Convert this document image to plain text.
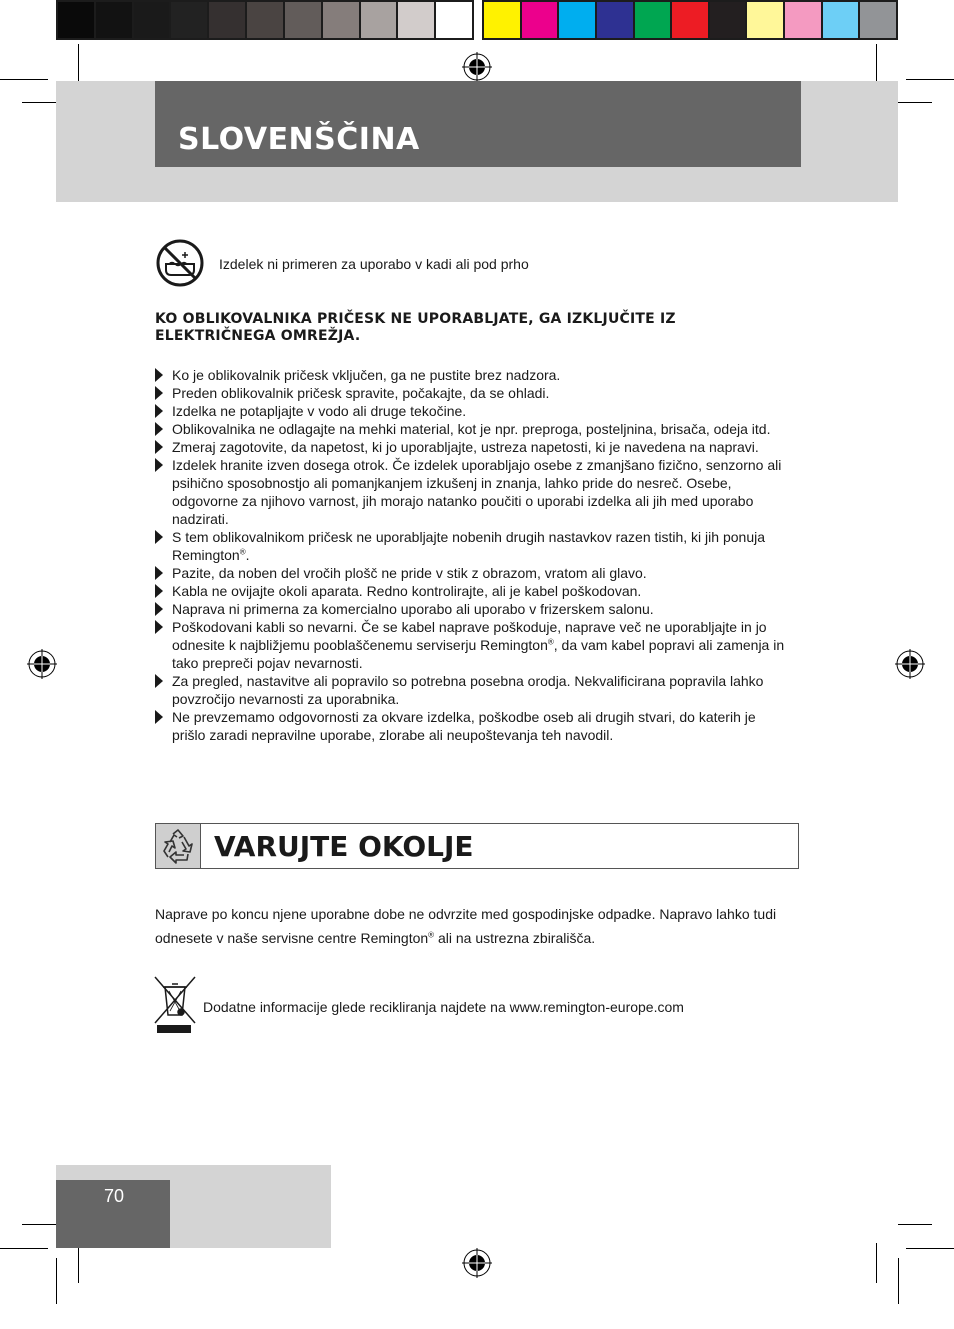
SLOVENŠČINA
Izdelek ni primeren za uporabo v kadi ali pod prho
KO OBLIKOVALNIKA PRIČESK NE UPORABLJATE, GA IZKLJUČITE IZ ELEKTRIČNEGA OMREŽJA.
Ko je oblikovalnik pričesk vključen, ga ne pustite brez nadzora.
Preden oblikovalnik pričesk spravite, počakajte, da se ohladi.
Izdelka ne potapljajte v vodo ali druge tekočine.
Oblikovalnika ne odlagajte na mehki material, kot je npr. preproga, posteljnina, brisača, odeja itd.
Zmeraj zagotovite, da napetost, ki jo uporabljajte, ustreza napetosti, ki je navedena na napravi.
Izdelek hranite izven dosega otrok. Če izdelek uporabljajo osebe z zmanjšano fizično, senzorno ali psihično sposobnostjo ali pomanjkanjem izkušenj in znanja, lahko pride do nesreč. Osebe, odgovorne za njihovo varnost, jih morajo natanko poučiti o uporabi izdelka ali jih med uporabo nadzirati.
S tem oblikovalnikom pričesk ne uporabljajte nobenih drugih nastavkov razen tistih, ki jih ponuja Remington®.
Pazite, da noben del vročih plošč ne pride v stik z obrazom, vratom ali glavo.
Kabla ne ovijajte okoli aparata. Redno kontrolirajte, ali je kabel poškodovan.
Naprava ni primerna za komercialno uporabo ali uporabo v frizerskem salonu.
Poškodovani kabli so nevarni. Če se kabel naprave poškoduje, naprave več ne uporabljajte in jo odnesite k najbližjemu pooblaščenemu serviserju Remington®, da vam kabel popravi ali zamenja in tako prepreči pojav nevarnosti.
Za pregled, nastavitve ali popravilo so potrebna posebna orodja. Nekvalificirana popravila lahko povzročijo nevarnosti za uporabnika.
Ne prevzemamo odgovornosti za okvare izdelka, poškodbe oseb ali drugih stvari, do katerih je prišlo zaradi nepravilne uporabe, zlorabe ali neupoštevanja teh navodil.
VARUJTE OKOLJE

Naprave po koncu njene uporabne dobe ne odvrzite med gospodinjske odpadke. Napravo lahko tudi odnesete v naše servisne centre Remington® ali na ustrezna zbirališča.

Dodatne informacije glede recikliranja najdete na www.remington-europe.com
70
